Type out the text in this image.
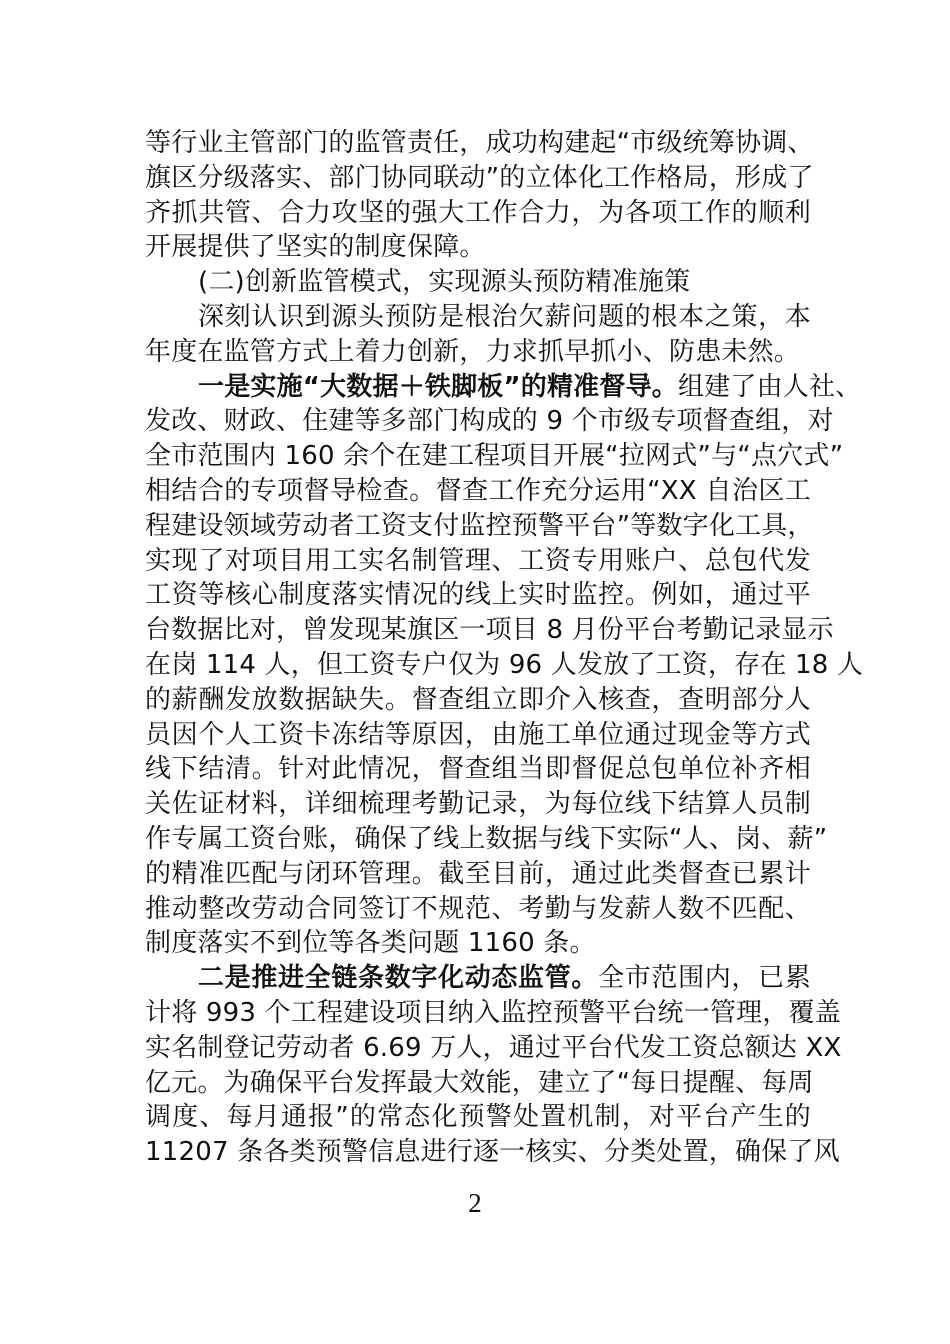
等行业主管部门的监管责任，成功构建起“市级统筹协调、
旗区分级落实、部门协同联动”的立体化工作格局，形成了
齐抓共管、合力攻坚的强大工作合力，为各项工作的顺利
开展提供了坚实的制度保障。
(二)创新监管模式，实现源头预防精准施策
深刻认识到源头预防是根治欠薪问题的根本之策，本
年度在监管方式上着力创新，力求抓早抓小、防患未然。
一是实施“大数据＋铁脚板”的精准督导。组建了由人社、
发改、财政、住建等多部门构成的 9 个市级专项督查组，对
全市范围内 160 余个在建工程项目开展“拉网式”与“点穴式”
相结合的专项督导检查。督查工作充分运用“XX 自治区工
程建设领域劳动者工资支付监控预警平台”等数字化工具，
实现了对项目用工实名制管理、工资专用账户、总包代发
工资等核心制度落实情况的线上实时监控。例如，通过平
台数据比对，曾发现某旗区一项目 8 月份平台考勤记录显示
在岗 114 人，但工资专户仅为 96 人发放了工资，存在 18 人
的薪酬发放数据缺失。督查组立即介入核查，查明部分人
员因个人工资卡冻结等原因，由施工单位通过现金等方式
线下结清。针对此情况，督查组当即督促总包单位补齐相
关佐证材料，详细梳理考勤记录，为每位线下结算人员制
作专属工资台账，确保了线上数据与线下实际“人、岗、薪”
的精准匹配与闭环管理。截至目前，通过此类督查已累计
推动整改劳动合同签订不规范、考勤与发薪人数不匹配、
制度落实不到位等各类问题 1160 条。
二是推进全链条数字化动态监管。全市范围内，已累
计将 993 个工程建设项目纳入监控预警平台统一管理，覆盖
实名制登记劳动者 6.69 万人，通过平台代发工资总额达 XX
亿元。为确保平台发挥最大效能，建立了“每日提醒、每周
调度、每月通报”的常态化预警处置机制，对平台产生的
11207 条各类预警信息进行逐一核实、分类处置，确保了风
2
